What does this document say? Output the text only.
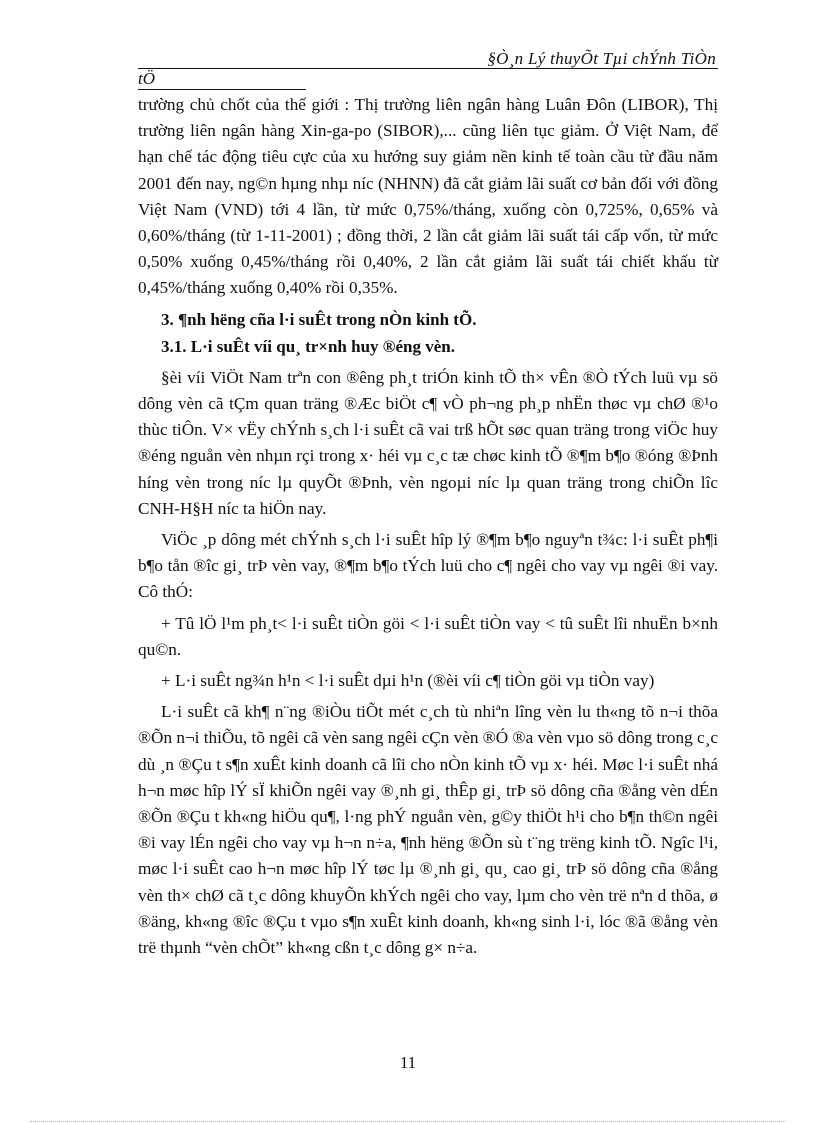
§Ò¸n Lý thuyÕt Tµi chÝnh TiÒn
tÖ

trường chủ chốt của thế giới : Thị trường liên ngân hàng Luân Đôn (LIBOR), Thị trường liên ngân hàng Xin-ga-po (SIBOR),... cũng liên tục giảm. Ở Việt Nam, để hạn chế tác động tiêu cực của xu hướng suy giảm nền kinh tế toàn cầu từ đầu năm 2001 đến nay, ng©n hµng nhµ níc (NHNN) đã cắt giảm lãi suất cơ bản đối với đồng Việt Nam (VND) tới 4 lần, từ mức 0,75%/tháng, xuống còn 0,725%, 0,65% và 0,60%/tháng (từ 1-11-2001) ; đồng thời, 2 lần cắt giảm lãi suất tái cấp vốn, từ mức 0,50% xuống 0,45%/tháng rồi 0,40%, 2 lần cắt giảm lãi suất tái chiết khấu từ 0,45%/tháng xuống 0,40% rồi 0,35%.

3. ¶nh hëng cña l·i suÊt trong nÒn kinh tÕ.
3.1. L·i suÊt víi qu¸ tr×nh huy ®éng vèn.

§èi víi ViÖt Nam trªn con ®êng ph¸t triÓn kinh tÕ th× vÊn ®Ò tÝch luü vµ sö dông vèn cã tÇm quan träng ®Æc biÖt c¶ vÒ ph¬ng ph¸p nhËn thøc vµ chØ ®¹o thùc tiÔn. V× vËy chÝnh s¸ch l·i suÊt cã vai trß hÕt søc quan träng trong viÖc huy ®éng nguån vèn nhµn rçi trong x· héi vµ c¸c tæ chøc kinh tÕ ®¶m b¶o ®óng ®Þnh híng vèn trong níc lµ quyÕt ®Þnh, vèn ngoµi níc lµ quan träng trong chiÕn lîc CNH-H§H níc ta hiÖn nay.

ViÖc ¸p dông mét chÝnh s¸ch l·i suÊt hîp lý ®¶m b¶o nguyªn t¾c: l·i suÊt ph¶i b¶o tån ®îc gi¸ trÞ vèn vay, ®¶m b¶o tÝch luü cho c¶ ngêi cho vay vµ ngêi ®i vay. Cô thÓ:

+ Tû lÖ l¹m ph¸t< l·i suÊt tiÒn göi < l·i suÊt tiÒn vay < tû suÊt lîi nhuËn b×nh qu©n.

+ L·i suÊt ng¾n h¹n < l·i suÊt dµi h¹n (®èi víi c¶ tiÒn göi vµ tiÒn vay)

L·i suÊt cã kh¶ n¨ng ®iÒu tiÕt mét c¸ch tù nhiªn lîng vèn lu th«ng tõ n¬i thõa ®Õn n¬i thiÕu, tõ ngêi cã vèn sang ngêi cÇn vèn ®Ó ®a vèn vµo sö dông trong c¸c dù ¸n ®Çu t s¶n xuÊt kinh doanh cã lîi cho nÒn kinh tÕ vµ x· héi. Møc l·i suÊt nhá h¬n møc hîp lÝ sÏ khiÕn ngêi vay ®¸nh gi¸ thÊp gi¸ trÞ sö dông cña ®ång vèn dÉn ®Õn ®Çu t kh«ng hiÖu qu¶, l·ng phÝ nguån vèn, g©y thiÖt h¹i cho b¶n th©n ngêi ®i vay lÉn ngêi cho vay vµ h¬n n÷a, ¶nh hëng ®Õn sù t¨ng trëng kinh tÕ. Ngîc l¹i, møc l·i suÊt cao h¬n møc hîp lÝ tøc lµ ®¸nh gi¸ qu¸ cao gi¸ trÞ sö dông cña ®ång vèn th× chØ cã t¸c dông khuyÕn khÝch ngêi cho vay, lµm cho vèn trë nªn d thõa, ø ®äng, kh«ng ®îc ®Çu t vµo s¶n xuÊt kinh doanh, kh«ng sinh l·i, lóc ®ã ®ång vèn trë thµnh “vèn chÕt” kh«ng cßn t¸c dông g× n÷a.

11
